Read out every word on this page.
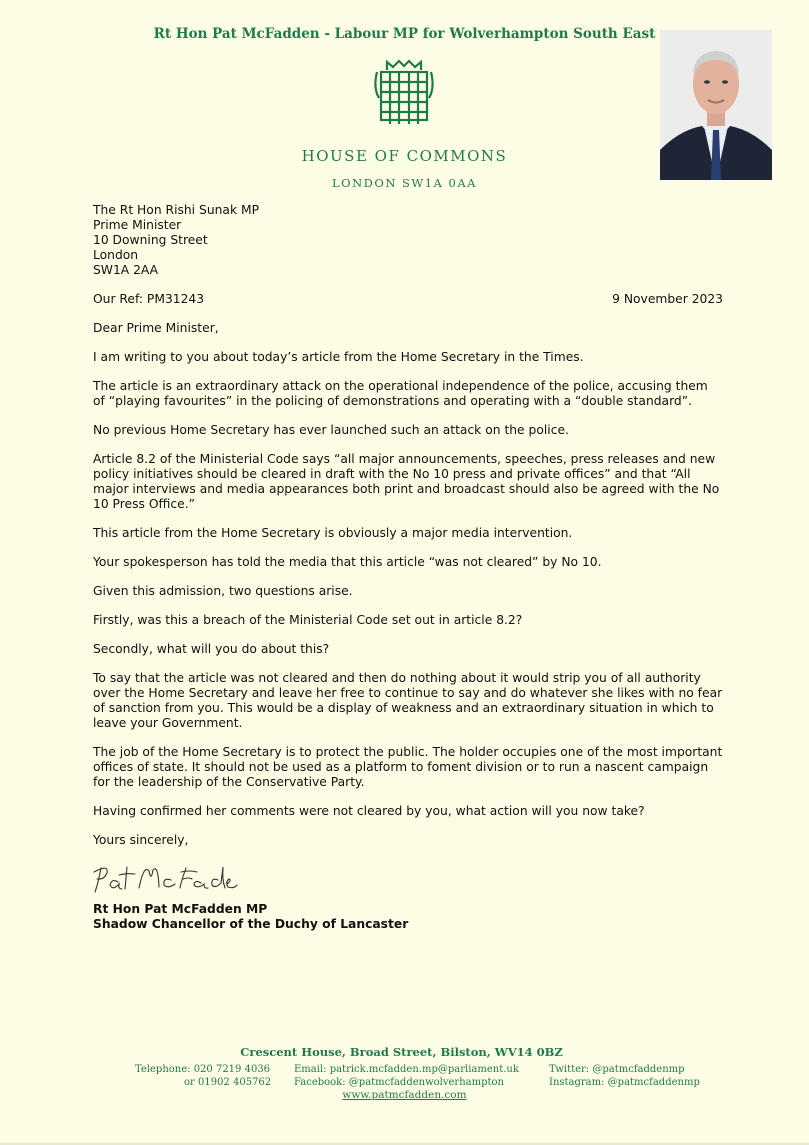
Rt Hon Pat McFadden - Labour MP for Wolverhampton South East
HOUSE OF COMMONS
LONDON SW1A 0AA
The Rt Hon Rishi Sunak MP
Prime Minister
10 Downing Street
London
SW1A 2AA
Our Ref: PM31243	9 November 2023

Dear Prime Minister,

I am writing to you about today’s article from the Home Secretary in the Times.

The article is an extraordinary attack on the operational independence of the police, accusing them of “playing favourites” in the policing of demonstrations and operating with a “double standard”.

No previous Home Secretary has ever launched such an attack on the police.

Article 8.2 of the Ministerial Code says “all major announcements, speeches, press releases and new policy initiatives should be cleared in draft with the No 10 press and private offices” and that “All major interviews and media appearances both print and broadcast should also be agreed with the No 10 Press Office.”

This article from the Home Secretary is obviously a major media intervention.

Your spokesperson has told the media that this article “was not cleared” by No 10.

Given this admission, two questions arise.

Firstly, was this a breach of the Ministerial Code set out in article 8.2?

Secondly, what will you do about this?

To say that the article was not cleared and then do nothing about it would strip you of all authority over the Home Secretary and leave her free to continue to say and do whatever she likes with no fear of sanction from you. This would be a display of weakness and an extraordinary situation in which to leave your Government.

The job of the Home Secretary is to protect the public. The holder occupies one of the most important offices of state. It should not be used as a platform to foment division or to run a nascent campaign for the leadership of the Conservative Party.

Having confirmed her comments were not cleared by you, what action will you now take?

Yours sincerely,

Rt Hon Pat McFadden MP
Shadow Chancellor of the Duchy of Lancaster
Crescent House, Broad Street, Bilston, WV14 0BZ
Telephone: 020 7219 4036
or 01902 405762
Email: patrick.mcfadden.mp@parliament.uk
Facebook: @patmcfaddenwolverhampton
Twitter: @patmcfaddenmp
Instagram: @patmcfaddenmp
www.patmcfadden.com
